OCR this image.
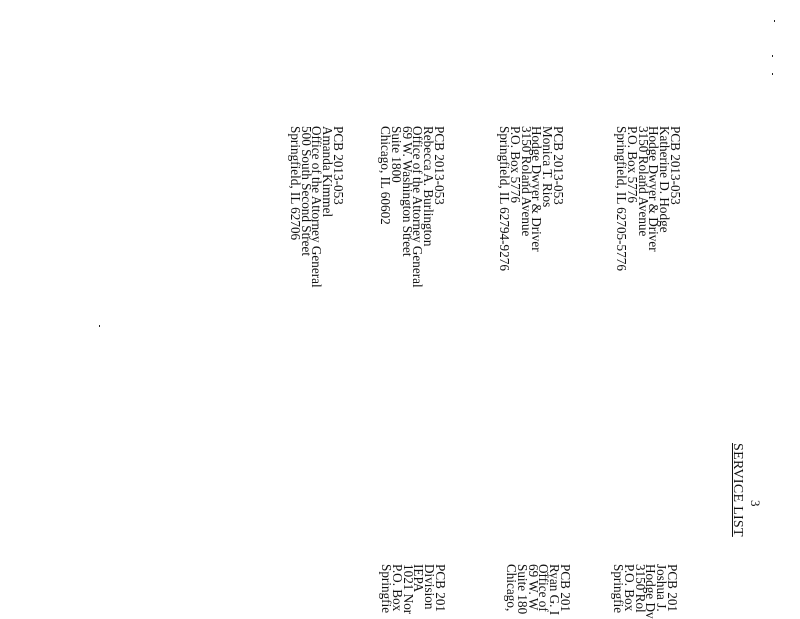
3
SERVICE LIST
PCB 2013-053
Katherine D. Hodge
Hodge Dwyer & Driver
3150 Roland Avenue
P.O. Box 5776
Springfield, IL 62705-5776
PCB 2013-053
Monica T. Rios
Hodge Dwyer & Driver
3150 Roland Avenue
P.O. Box 5776
Springfield, IL 62794-9276
PCB 2013-053
Rebecca A. Burlington
Office of the Attorney General
69 W. Washington Street
Suite 1800
Chicago, IL 60602
PCB 2013-053
Amanda Kimmel
Office of the Attorney General
500 South Second Street
Springfield, IL 62706
PCB 201
Joshua J.
Hodge Dv
3150 Rol
P.O. Box
Springfie
PCB 201
Ryan G. I
Office of
69 W. W
Suite 180
Chicago,
PCB 201
Division
IEPA
1021 Nor
P.O. Box
Springfie
